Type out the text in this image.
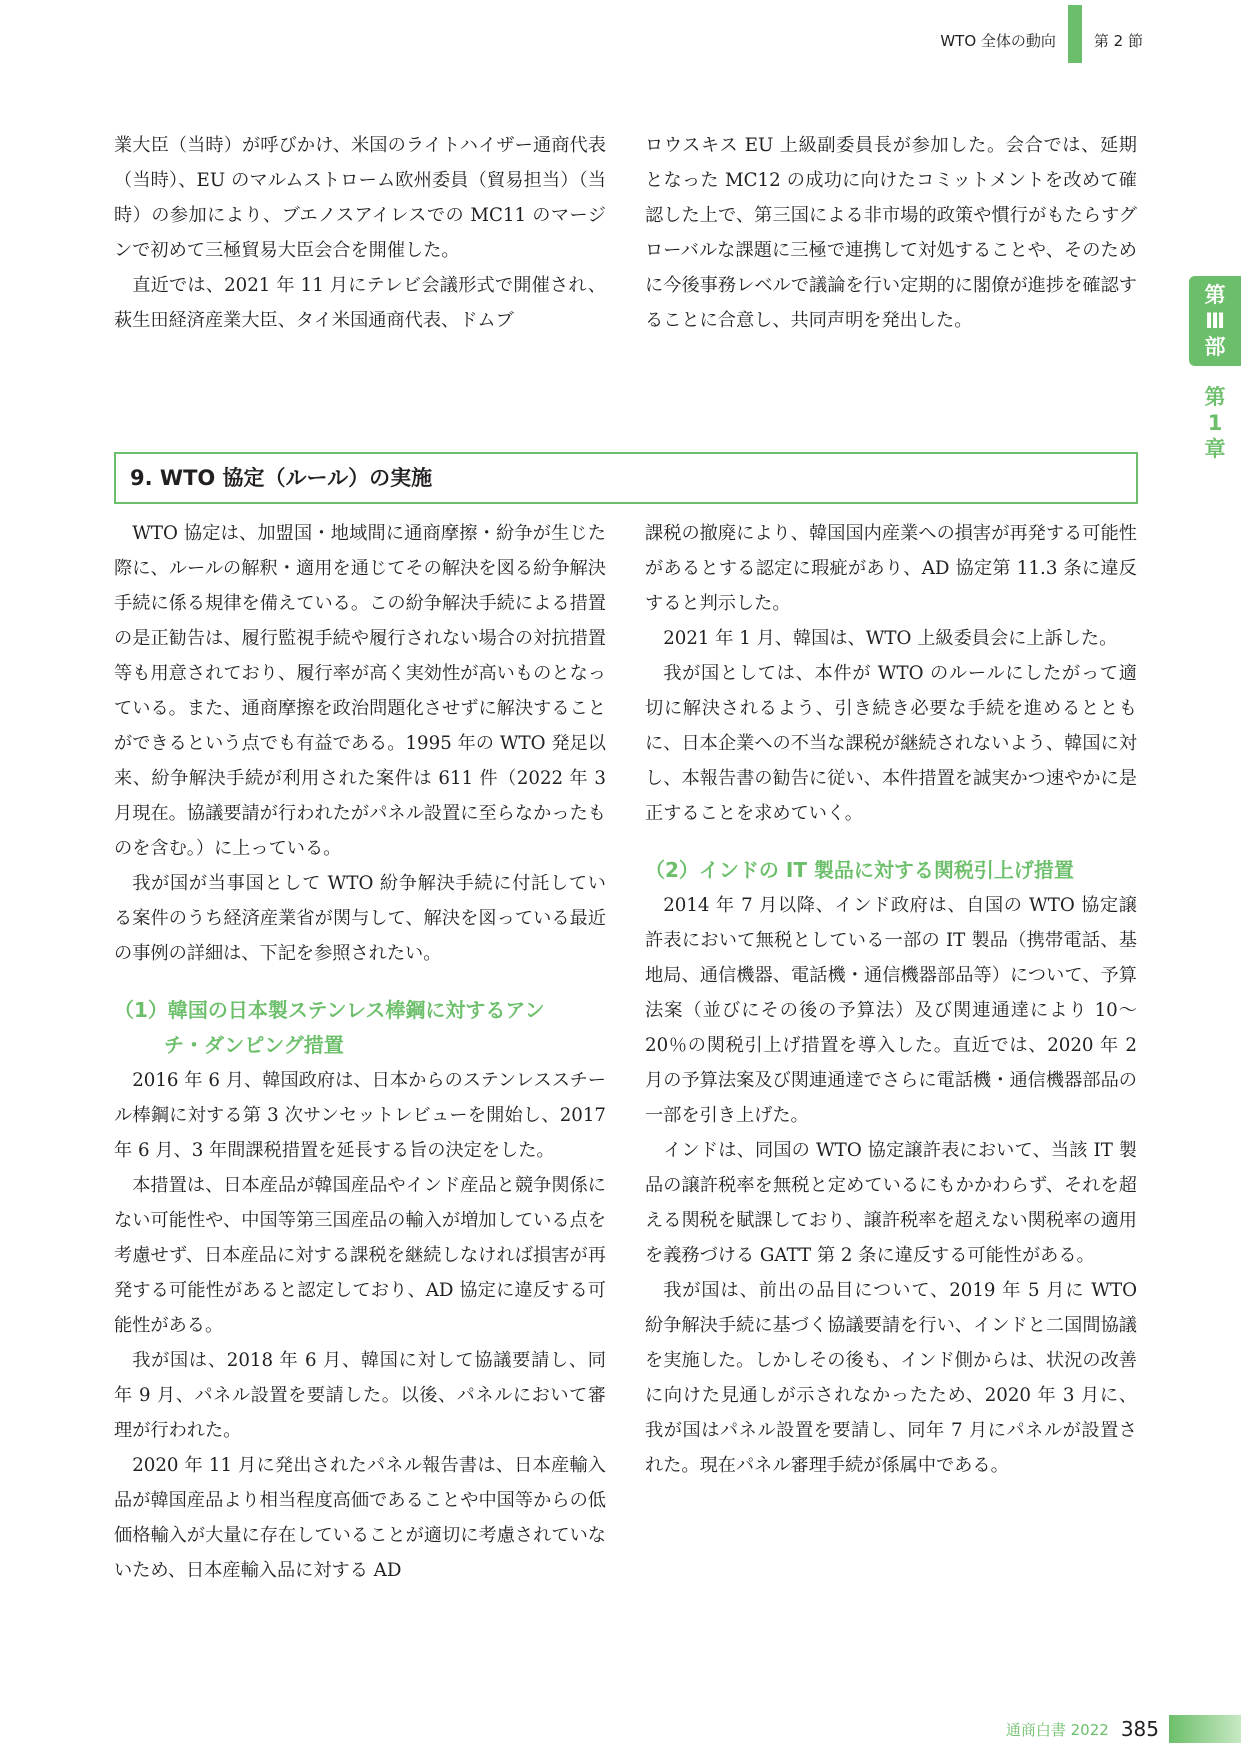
WTO 全体の動向	第 2 節
第
Ⅲ
部
第
1
章

業大臣（当時）が呼びかけ、米国のライトハイザー通商代表（当時）、EU のマルムストローム欧州委員（貿易担当）（当時）の参加により、ブエノスアイレスでの MC11 のマージンで初めて三極貿易大臣会合を開催した。

直近では、2021 年 11 月にテレビ会議形式で開催され、萩生田経済産業大臣、タイ米国通商代表、ドムブ

ロウスキス EU 上級副委員長が参加した。会合では、延期となった MC12 の成功に向けたコミットメントを改めて確認した上で、第三国による非市場的政策や慣行がもたらすグローバルな課題に三極で連携して対処することや、そのために今後事務レベルで議論を行い定期的に閣僚が進捗を確認することに合意し、共同声明を発出した。

9. WTO 協定（ルール）の実施

WTO 協定は、加盟国・地域間に通商摩擦・紛争が生じた際に、ルールの解釈・適用を通じてその解決を図る紛争解決手続に係る規律を備えている。この紛争解決手続による措置の是正勧告は、履行監視手続や履行されない場合の対抗措置等も用意されており、履行率が高く実効性が高いものとなっている。また、通商摩擦を政治問題化させずに解決することができるという点でも有益である。1995 年の WTO 発足以来、紛争解決手続が利用された案件は 611 件（2022 年 3 月現在。協議要請が行われたがパネル設置に至らなかったものを含む。）に上っている。

我が国が当事国として WTO 紛争解決手続に付託している案件のうち経済産業省が関与して、解決を図っている最近の事例の詳細は、下記を参照されたい。

（1）韓国の日本製ステンレス棒鋼に対するアン
チ・ダンピング措置

2016 年 6 月、韓国政府は、日本からのステンレススチール棒鋼に対する第 3 次サンセットレビューを開始し、2017 年 6 月、3 年間課税措置を延長する旨の決定をした。

本措置は、日本産品が韓国産品やインド産品と競争関係にない可能性や、中国等第三国産品の輸入が増加している点を考慮せず、日本産品に対する課税を継続しなければ損害が再発する可能性があると認定しており、AD 協定に違反する可能性がある。

我が国は、2018 年 6 月、韓国に対して協議要請し、同年 9 月、パネル設置を要請した。以後、パネルにおいて審理が行われた。

2020 年 11 月に発出されたパネル報告書は、日本産輸入品が韓国産品より相当程度高価であることや中国等からの低価格輸入が大量に存在していることが適切に考慮されていないため、日本産輸入品に対する AD

課税の撤廃により、韓国国内産業への損害が再発する可能性があるとする認定に瑕疵があり、AD 協定第 11.3 条に違反すると判示した。

2021 年 1 月、韓国は、WTO 上級委員会に上訴した。

我が国としては、本件が WTO のルールにしたがって適切に解決されるよう、引き続き必要な手続を進めるとともに、日本企業への不当な課税が継続されないよう、韓国に対し、本報告書の勧告に従い、本件措置を誠実かつ速やかに是正することを求めていく。

（2）インドの IT 製品に対する関税引上げ措置

2014 年 7 月以降、インド政府は、自国の WTO 協定譲許表において無税としている一部の IT 製品（携帯電話、基地局、通信機器、電話機・通信機器部品等）について、予算法案（並びにその後の予算法）及び関連通達により 10〜20％の関税引上げ措置を導入した。直近では、2020 年 2 月の予算法案及び関連通達でさらに電話機・通信機器部品の一部を引き上げた。

インドは、同国の WTO 協定譲許表において、当該 IT 製品の譲許税率を無税と定めているにもかかわらず、それを超える関税を賦課しており、譲許税率を超えない関税率の適用を義務づける GATT 第 2 条に違反する可能性がある。

我が国は、前出の品目について、2019 年 5 月に WTO 紛争解決手続に基づく協議要請を行い、インドと二国間協議を実施した。しかしその後も、インド側からは、状況の改善に向けた見通しが示されなかったため、2020 年 3 月に、我が国はパネル設置を要請し、同年 7 月にパネルが設置された。現在パネル審理手続が係属中である。

通商白書 2022 385
